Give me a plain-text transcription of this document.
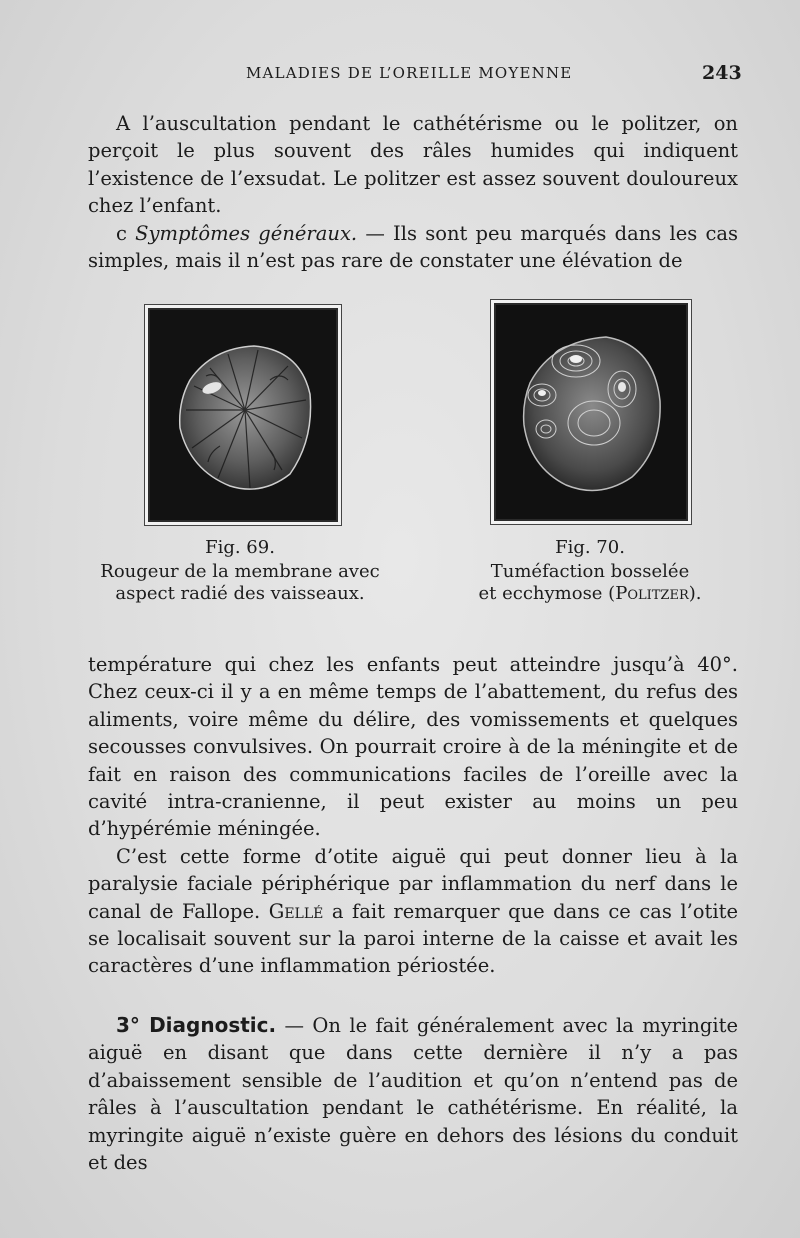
MALADIES DE L’OREILLE MOYENNE	243

A l’auscultation pendant le cathétérisme ou le politzer, on perçoit le plus souvent des râles humides qui indiquent l’existence de l’exsudat. Le politzer est assez souvent douloureux chez l’enfant.

c Symptômes généraux. — Ils sont peu marqués dans les cas simples, mais il n’est pas rare de constater une élévation de

Fig. 69.
Rougeur de la membrane avec
aspect radié des vaisseaux.
Fig. 70.
Tuméfaction bosselée
et ecchymose (Politzer).

température qui chez les enfants peut atteindre jusqu’à 40°. Chez ceux-ci il y a en même temps de l’abattement, du refus des aliments, voire même du délire, des vomissements et quelques secousses convulsives. On pourrait croire à de la méningite et de fait en raison des communications faciles de l’oreille avec la cavité intra-cranienne, il peut exister au moins un peu d’hypérémie méningée.

C’est cette forme d’otite aiguë qui peut donner lieu à la paralysie faciale périphérique par inflammation du nerf dans le canal de Fallope. Gellé a fait remarquer que dans ce cas l’otite se localisait souvent sur la paroi interne de la caisse et avait les caractères d’une inflammation périostée.

3° Diagnostic. — On le fait généralement avec la myringite aiguë en disant que dans cette dernière il n’y a pas d’abaissement sensible de l’audition et qu’on n’entend pas de râles à l’auscultation pendant le cathétérisme. En réalité, la myringite aiguë n’existe guère en dehors des lésions du conduit et des
